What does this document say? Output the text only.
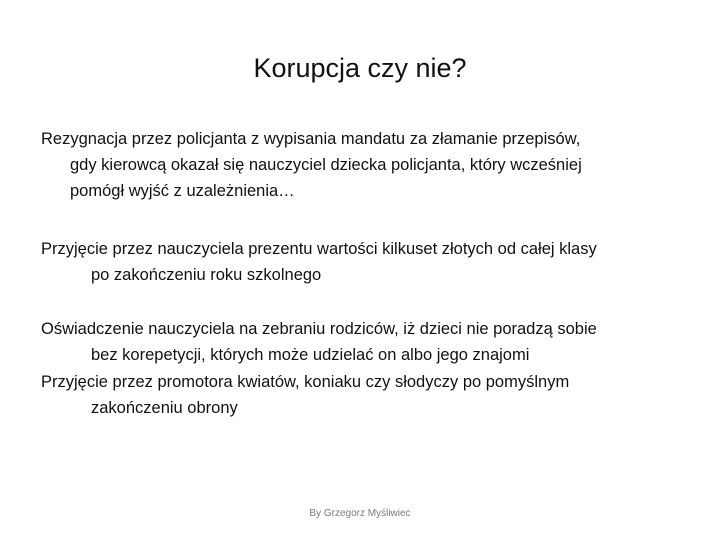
Korupcja czy nie?
Rezygnacja przez policjanta z wypisania mandatu za złamanie przepisów,
gdy kierowcą okazał się nauczyciel dziecka policjanta, który wcześniej
pomógł wyjść z uzależnienia…
Przyjęcie przez nauczyciela prezentu wartości kilkuset złotych od całej klasy
po zakończeniu roku szkolnego
Oświadczenie nauczyciela na zebraniu rodziców, iż dzieci nie poradzą sobie
bez korepetycji, których może udzielać on albo jego znajomi
Przyjęcie przez promotora kwiatów, koniaku czy słodyczy po pomyślnym
zakończeniu obrony
By Grzegorz Myśliwiec
